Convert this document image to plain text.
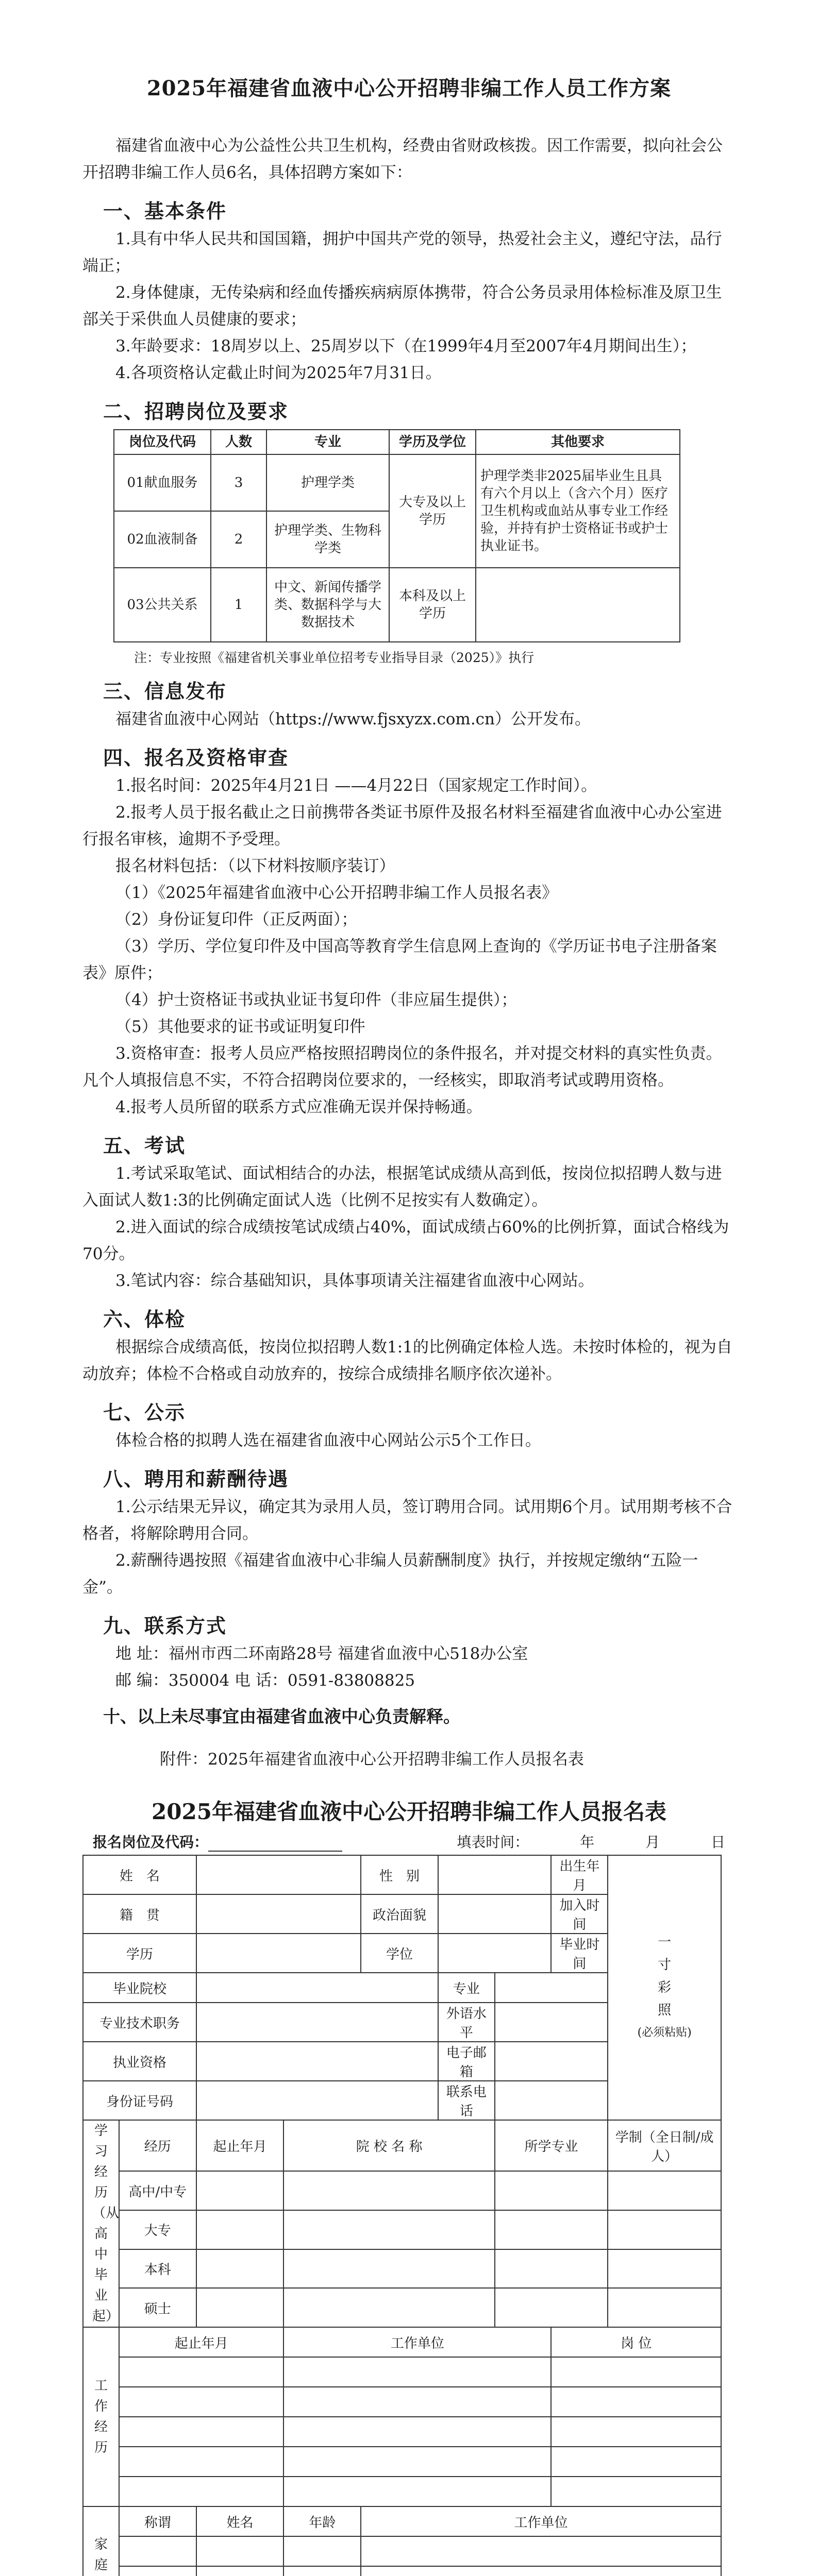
2025年福建省血液中心公开招聘非编工作人员工作方案

福建省血液中心为公益性公共卫生机构，经费由省财政核拨。因工作需要，拟向社会公开招聘非编工作人员6名，具体招聘方案如下：

一、基本条件

1.具有中华人民共和国国籍，拥护中国共产党的领导，热爱社会主义，遵纪守法，品行端正；

2.身体健康，无传染病和经血传播疾病病原体携带，符合公务员录用体检标准及原卫生部关于采供血人员健康的要求；

3.年龄要求：18周岁以上、25周岁以下（在1999年4月至2007年4月期间出生）；

4.各项资格认定截止时间为2025年7月31日。

二、招聘岗位及要求
岗位及代码	人数	专业	学历及学位	其他要求
01献血服务	3	护理学类	大专及以上学历	护理学类非2025届毕业生且具有六个月以上（含六个月）医疗卫生机构或血站从事专业工作经验，并持有护士资格证书或护士执业证书。
02血液制备	2	护理学类、生物科学类		
03公共关系	1	中文、新闻传播学类、数据科学与大数据技术	本科及以上学历	
注：专业按照《福建省机关事业单位招考专业指导目录（2025）》执行
三、信息发布

福建省血液中心网站（https://www.fjsxyzx.com.cn）公开发布。

四、报名及资格审查

1.报名时间：2025年4月21日 ——4月22日（国家规定工作时间）。

2.报考人员于报名截止之日前携带各类证书原件及报名材料至福建省血液中心办公室进行报名审核，逾期不予受理。

报名材料包括：（以下材料按顺序装订）

（1）《2025年福建省血液中心公开招聘非编工作人员报名表》

（2）身份证复印件（正反两面）；

（3）学历、学位复印件及中国高等教育学生信息网上查询的《学历证书电子注册备案表》原件；

（4）护士资格证书或执业证书复印件（非应届生提供）；

（5）其他要求的证书或证明复印件

3.资格审查：报考人员应严格按照招聘岗位的条件报名，并对提交材料的真实性负责。凡个人填报信息不实，不符合招聘岗位要求的，一经核实，即取消考试或聘用资格。

4.报考人员所留的联系方式应准确无误并保持畅通。

五、考试

1.考试采取笔试、面试相结合的办法，根据笔试成绩从高到低，按岗位拟招聘人数与进入面试人数1:3的比例确定面试人选（比例不足按实有人数确定）。

2.进入面试的综合成绩按笔试成绩占40%，面试成绩占60%的比例折算，面试合格线为70分。

3.笔试内容：综合基础知识，具体事项请关注福建省血液中心网站。

六、体检

根据综合成绩高低，按岗位拟招聘人数1:1的比例确定体检人选。未按时体检的，视为自动放弃；体检不合格或自动放弃的，按综合成绩排名顺序依次递补。

七、公示

体检合格的拟聘人选在福建省血液中心网站公示5个工作日。

八、聘用和薪酬待遇

1.公示结果无异议，确定其为录用人员，签订聘用合同。试用期6个月。试用期考核不合格者，将解除聘用合同。

2.薪酬待遇按照《福建省血液中心非编人员薪酬制度》执行，并按规定缴纳“五险一金”。

九、联系方式

地 址：福州市西二环南路28号 福建省血液中心518办公室

邮 编：350004 电 话：0591-83808825

十、以上未尽事宜由福建省血液中心负责解释。
附件：2025年福建省血液中心公开招聘非编工作人员报名表
2025年福建省血液中心公开招聘非编工作人员报名表
报名岗位及代码：	填表时间：	年	月	日
姓　名				性　别			出生年月	一寸彩照
(必须粘贴)

籍　贯				政治面貌			加入时间	
学历				学位			毕业时间	
毕业院校					专业			
专业技术职务					外语水平			
执业资格					电子邮箱			
身份证号码					联系电话			

学习经历（从高中毕业起）	经历	起止年月	院 校 名 称			所学专业		学制（全日制/成人）
	高中/中专							
	大专							
	本科							
	硕士							

工作经历	起止年月		工作单位				岗 位	

家庭	称谓	姓名	年龄	工作单位				
